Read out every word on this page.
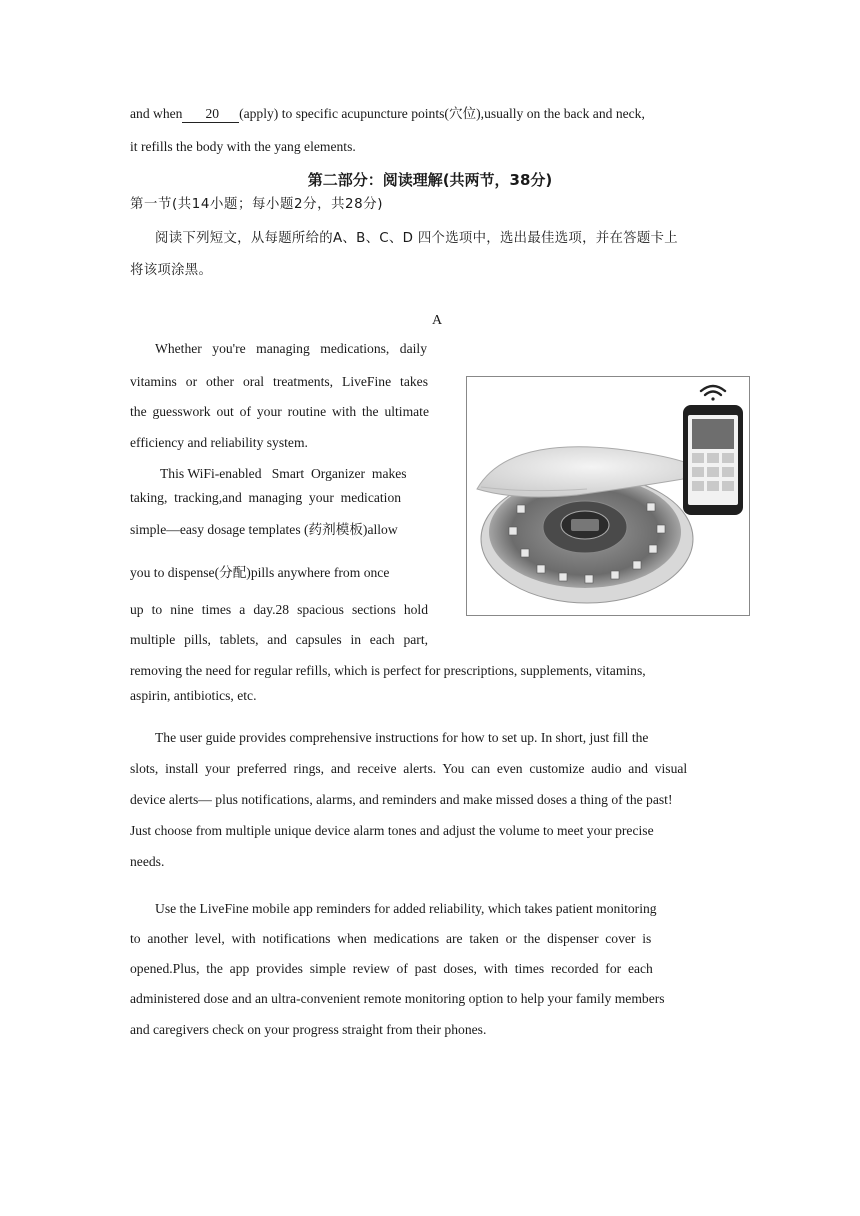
and when 20 (apply) to specific acupuncture points(穴位),usually on the back and neck,
it refills the body with the yang elements.
第二部分：阅读理解(共两节，38分)
第一节(共14小题；每小题2分，共28分)
阅读下列短文，从每题所给的A、B、C、D 四个选项中，选出最佳选项，并在答题卡上
将该项涂黑。
A
Whether you're managing medications, daily
vitamins or other oral treatments, LiveFine takes
the guesswork out of your routine with the ultimate
efficiency and reliability system.
This WiFi-enabled   Smart  Organizer  makes
taking,  tracking,and  managing  your  medication
simple—easy dosage templates (药剂模板)allow
you to dispense(分配)pills anywhere from once
up to nine times a day.28 spacious sections hold
multiple pills, tablets, and capsules in each part,
removing the need for regular refills, which is perfect for prescriptions, supplements, vitamins,
aspirin, antibiotics, etc.
The user guide provides comprehensive instructions for how to set up. In short, just fill the
slots,  install  your  preferred  rings,  and  receive  alerts.  You  can  even  customize  audio  and  visual
device alerts— plus notifications, alarms, and reminders and make missed doses a thing of the past!
Just choose from multiple unique device alarm tones and adjust the volume to meet your precise
needs.
Use the LiveFine mobile app reminders for added reliability, which takes patient monitoring
to  another  level,  with  notifications  when  medications  are  taken  or  the  dispenser  cover  is
opened.Plus,  the  app  provides  simple  review  of  past  doses,  with  times  recorded  for  each
administered dose and an ultra-convenient remote monitoring option to help your family members
and caregivers check on your progress straight from their phones.
